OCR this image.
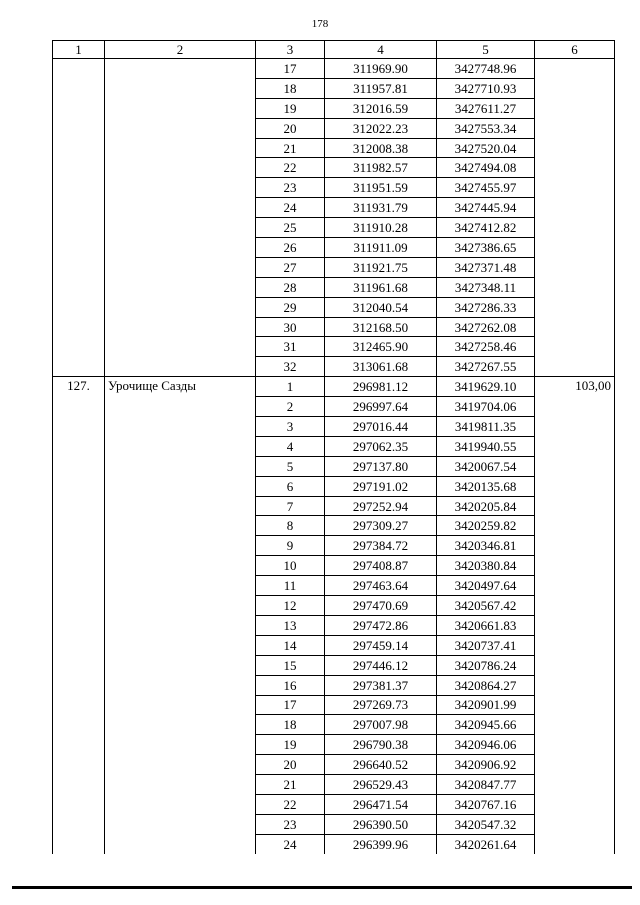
178
1	2	3	4	5	6
		17	311969.90	3427748.96	
		18	311957.81	3427710.93	
		19	312016.59	3427611.27	
		20	312022.23	3427553.34	
		21	312008.38	3427520.04	
		22	311982.57	3427494.08	
		23	311951.59	3427455.97	
		24	311931.79	3427445.94	
		25	311910.28	3427412.82	
		26	311911.09	3427386.65	
		27	311921.75	3427371.48	
		28	311961.68	3427348.11	
		29	312040.54	3427286.33	
		30	312168.50	3427262.08	
		31	312465.90	3427258.46	
		32	313061.68	3427267.55	
127.	Урочище Сазды	1	296981.12	3419629.10	103,00
		2	296997.64	3419704.06	
		3	297016.44	3419811.35	
		4	297062.35	3419940.55	
		5	297137.80	3420067.54	
		6	297191.02	3420135.68	
		7	297252.94	3420205.84	
		8	297309.27	3420259.82	
		9	297384.72	3420346.81	
		10	297408.87	3420380.84	
		11	297463.64	3420497.64	
		12	297470.69	3420567.42	
		13	297472.86	3420661.83	
		14	297459.14	3420737.41	
		15	297446.12	3420786.24	
		16	297381.37	3420864.27	
		17	297269.73	3420901.99	
		18	297007.98	3420945.66	
		19	296790.38	3420946.06	
		20	296640.52	3420906.92	
		21	296529.43	3420847.77	
		22	296471.54	3420767.16	
		23	296390.50	3420547.32	
		24	296399.96	3420261.64	
